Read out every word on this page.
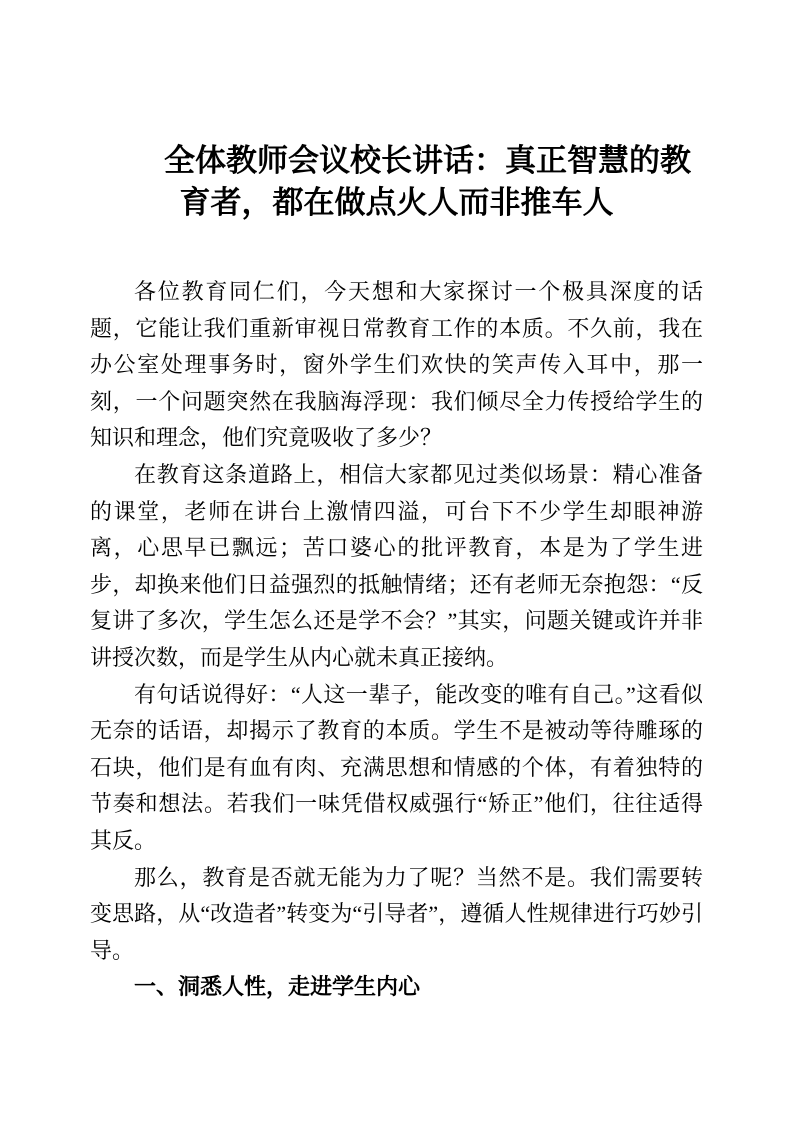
全体教师会议校长讲话：真正智慧的教育者，都在做点火人而非推车人

各位教育同仁们，今天想和大家探讨一个极具深度的话题，它能让我们重新审视日常教育工作的本质。不久前，我在办公室处理事务时，窗外学生们欢快的笑声传入耳中，那一刻，一个问题突然在我脑海浮现：我们倾尽全力传授给学生的知识和理念，他们究竟吸收了多少？

在教育这条道路上，相信大家都见过类似场景：精心准备的课堂，老师在讲台上激情四溢，可台下不少学生却眼神游离，心思早已飘远；苦口婆心的批评教育，本是为了学生进步，却换来他们日益强烈的抵触情绪；还有老师无奈抱怨：“反复讲了多次，学生怎么还是学不会？”其实，问题关键或许并非讲授次数，而是学生从内心就未真正接纳。

有句话说得好：“人这一辈子，能改变的唯有自己。”这看似无奈的话语，却揭示了教育的本质。学生不是被动等待雕琢的石块，他们是有血有肉、充满思想和情感的个体，有着独特的节奏和想法。若我们一味凭借权威强行“矫正”他们，往往适得其反。

那么，教育是否就无能为力了呢？当然不是。我们需要转变思路，从“改造者”转变为“引导者”，遵循人性规律进行巧妙引导。

一、洞悉人性，走进学生内心
